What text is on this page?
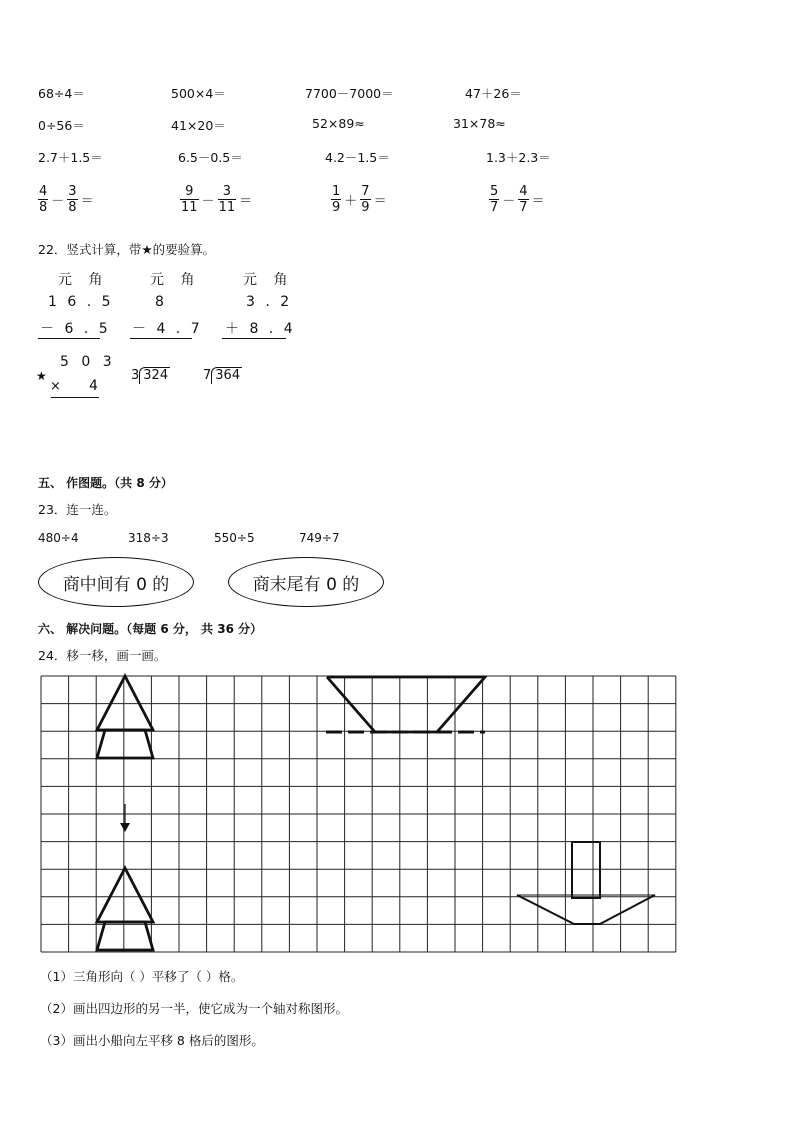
68÷4＝	500×4＝	7700－7000＝	47＋26＝
0÷56＝	41×20＝	52×89≈	31×78≈
2.7＋1.5＝	6.5－0.5＝	4.2－1.5＝	1.3＋2.3＝
$\frac{4}{8} - \frac{3}{8}$ ＝	$\frac{9}{11} - \frac{3}{11}$ ＝	$\frac{1}{9} + \frac{7}{9}$ ＝	$\frac{5}{7} - \frac{4}{7}$ ＝
22．竖式计算，带★的要验算。
元 角
1 6 . 5
－ 6 . 5
元 角
8
－ 4 . 7
元 角
3 . 2
＋ 8 . 4
★
5 0 3
× 4
3 324	7 364
五、 作图题。（共 8 分）
23．连一连。
480÷4	318÷3	550÷5	749÷7
商中间有 0 的	商末尾有 0 的
六、 解决问题。（每题 6 分， 共 36 分）
24．移一移，画一画。
（1）三角形向（ ）平移了（ ）格。
（2）画出四边形的另一半，使它成为一个轴对称图形。
（3）画出小船向左平移 8 格后的图形。
